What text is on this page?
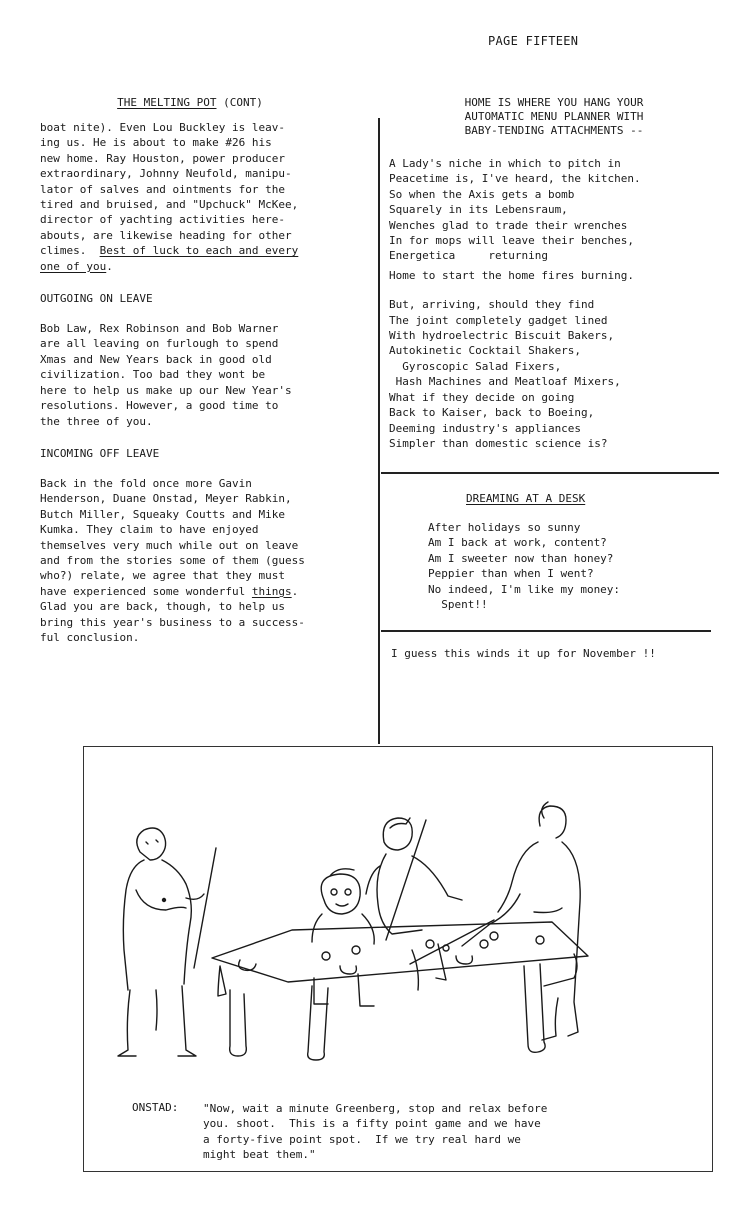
PAGE FIFTEEN
THE MELTING POT (CONT)
boat nite). Even Lou Buckley is leav-
ing us. He is about to make #26 his
new home. Ray Houston, power producer
extraordinary, Johnny Neufold, manipu-
lator of salves and ointments for the
tired and bruised, and "Upchuck" McKee,
director of yachting activities here-
abouts, are likewise heading for other
climes.  Best of luck to each and every
one of you.
OUTGOING ON LEAVE
Bob Law, Rex Robinson and Bob Warner
are all leaving on furlough to spend
Xmas and New Years back in good old
civilization. Too bad they wont be
here to help us make up our New Year's
resolutions. However, a good time to
the three of you.
INCOMING OFF LEAVE
Back in the fold once more Gavin
Henderson, Duane Onstad, Meyer Rabkin,
Butch Miller, Squeaky Coutts and Mike
Kumka. They claim to have enjoyed
themselves very much while out on leave
and from the stories some of them (guess
who?) relate, we agree that they must
have experienced some wonderful things.
Glad you are back, though, to help us
bring this year's business to a success-
ful conclusion.
HOME IS WHERE YOU HANG YOUR
AUTOMATIC MENU PLANNER WITH
BABY-TENDING ATTACHMENTS --
A Lady's niche in which to pitch in
Peacetime is, I've heard, the kitchen.
So when the Axis gets a bomb
Squarely in its Lebensraum,
Wenches glad to trade their wrenches
In for mops will leave their benches,
Energetica     returning
Home to start the home fires burning.
But, arriving, should they find
The joint completely gadget lined
With hydroelectric Biscuit Bakers,
Autokinetic Cocktail Shakers,
Gyroscopic Salad Fixers,
Hash Machines and Meatloaf Mixers,
What if they decide on going
Back to Kaiser, back to Boeing,
Deeming industry's appliances
Simpler than domestic science is?
DREAMING AT A DESK
After holidays so sunny
Am I back at work, content?
Am I sweeter now than honey?
Peppier than when I went?
No indeed, I'm like my money:
Spent!!
I guess this winds it up for November !!
ONSTAD: "Now, wait a minute Greenberg, stop and relax before
you. shoot.  This is a fifty point game and we have
a forty-five point spot.  If we try real hard we
might beat them."
